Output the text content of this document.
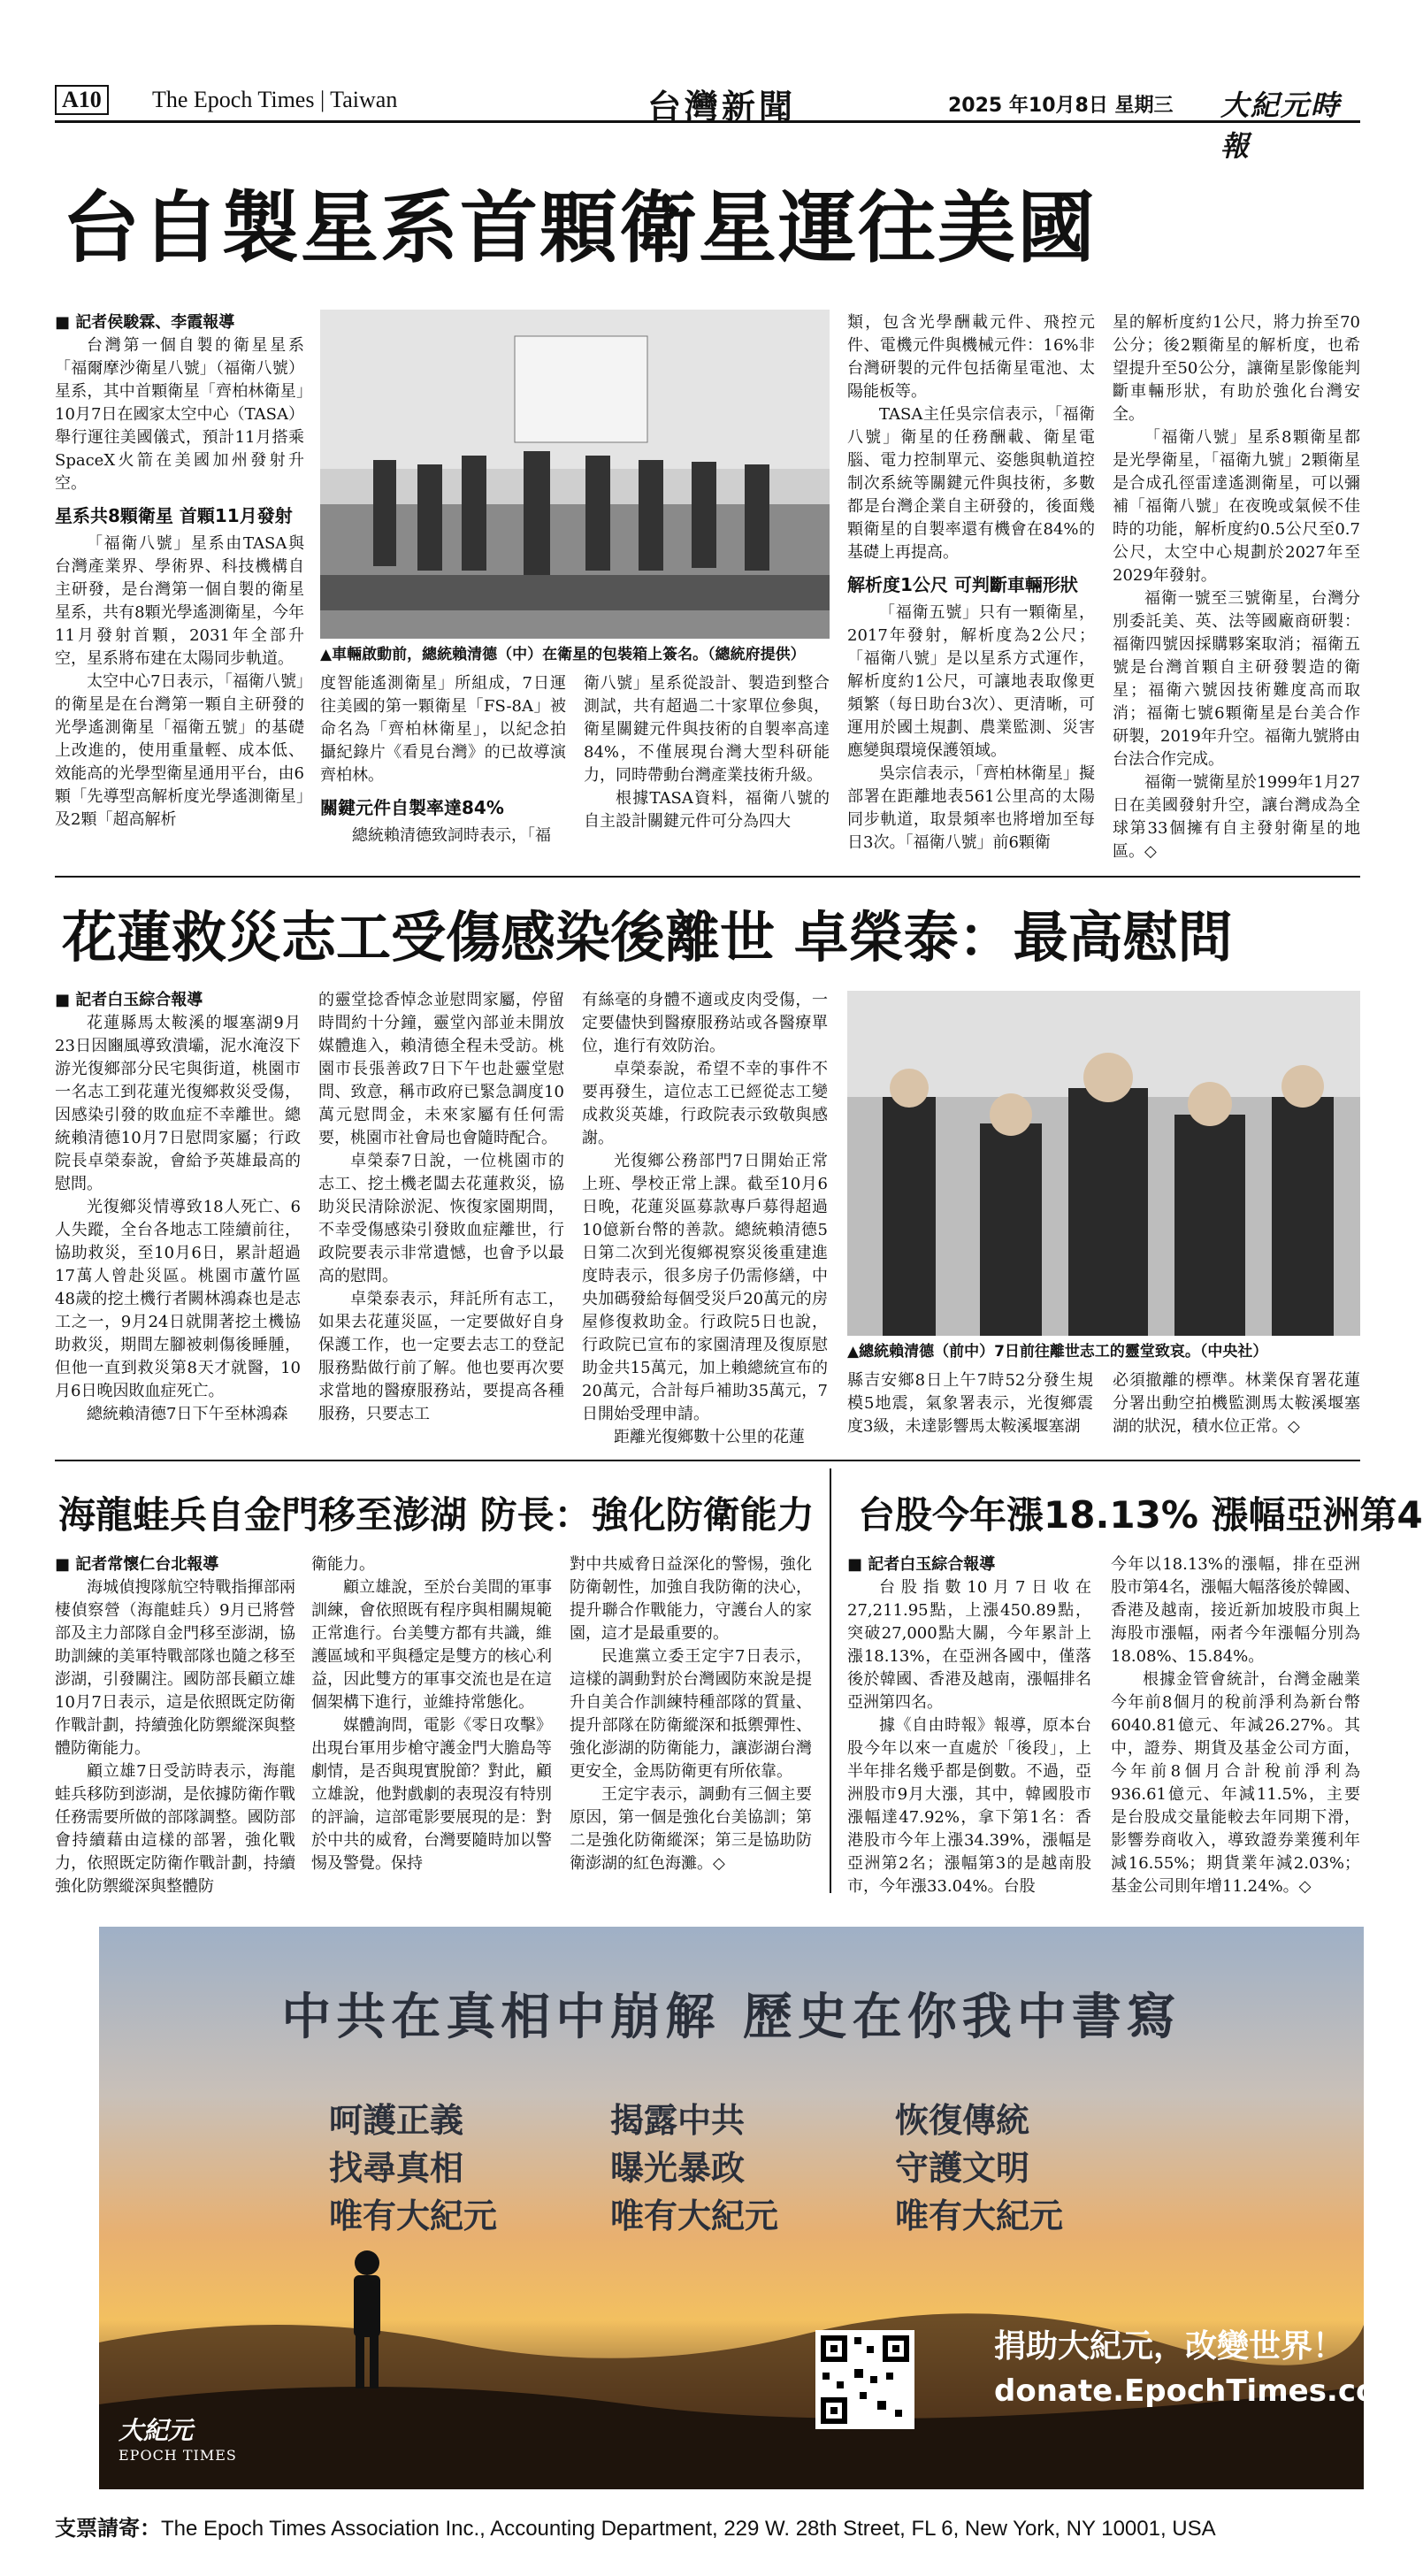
A10	The Epoch Times | Taiwan	台灣新聞	2025 年10月8日 星期三 大紀元時報
台自製星系首顆衛星運往美國

■ 記者侯駿霖、李霞報導

台灣第一個自製的衛星星系「福爾摩沙衛星八號」（福衛八號）星系，其中首顆衛星「齊柏林衛星」10月7日在國家太空中心（TASA）舉行運往美國儀式，預計11月搭乘SpaceX火箭在美國加州發射升空。

星系共8顆衛星 首顆11月發射

「福衛八號」星系由TASA與台灣產業界、學術界、科技機構自主研發，是台灣第一個自製的衛星星系，共有8顆光學遙測衛星，今年11月發射首顆，2031年全部升空，星系將布建在太陽同步軌道。

太空中心7日表示，「福衛八號」的衛星是在台灣第一顆自主研發的光學遙測衛星「福衛五號」的基礎上改進的，使用重量輕、成本低、效能高的光學型衛星通用平台，由6顆「先導型高解析度光學遙測衛星」及2顆「超高解析

▲車輛啟動前，總統賴清德（中）在衛星的包裝箱上簽名。（總統府提供）

度智能遙測衛星」所組成，7日運往美國的第一顆衛星「FS-8A」被命名為「齊柏林衛星」，以紀念拍攝紀錄片《看見台灣》的已故導演齊柏林。

關鍵元件自製率達84%

總統賴清德致詞時表示，「福

衛八號」星系從設計、製造到整合測試，共有超過二十家單位參與，衛星關鍵元件與技術的自製率高達84%，不僅展現台灣大型科研能力，同時帶動台灣產業技術升級。

根據TASA資料，福衛八號的自主設計關鍵元件可分為四大

類，包含光學酬載元件、飛控元件、電機元件與機械元件：16%非台灣研製的元件包括衛星電池、太陽能板等。

TASA主任吳宗信表示，「福衛八號」衛星的任務酬載、衛星電腦、電力控制單元、姿態與軌道控制次系統等關鍵元件與技術，多數都是台灣企業自主研發的，後面幾顆衛星的自製率還有機會在84%的基礎上再提高。

解析度1公尺 可判斷車輛形狀

「福衛五號」只有一顆衛星，2017年發射，解析度為2公尺；「福衛八號」是以星系方式運作，解析度約1公尺，可讓地表取像更頻繁（每日助台3次）、更清晰，可運用於國土規劃、農業監測、災害應變與環境保護領域。

吳宗信表示，「齊柏林衛星」擬部署在距離地表561公里高的太陽同步軌道，取景頻率也將增加至每日3次。「福衛八號」前6顆衛

星的解析度約1公尺，將力拚至70公分；後2顆衛星的解析度，也希望提升至50公分，讓衛星影像能判斷車輛形狀，有助於強化台灣安全。

「福衛八號」星系8顆衛星都是光學衛星，「福衛九號」2顆衛星是合成孔徑雷達遙測衛星，可以彌補「福衛八號」在夜晚或氣候不佳時的功能，解析度約0.5公尺至0.7公尺，太空中心規劃於2027年至2029年發射。

福衛一號至三號衛星，台灣分別委託美、英、法等國廠商研製：福衛四號因採購夥案取消；福衛五號是台灣首顆自主研發製造的衛星；福衛六號因技術難度高而取消；福衛七號6顆衛星是台美合作研製，2019年升空。福衛九號將由台法合作完成。

福衛一號衛星於1999年1月27日在美國發射升空，讓台灣成為全球第33個擁有自主發射衛星的地區。◇

花蓮救災志工受傷感染後離世 卓榮泰：最高慰問

■ 記者白玉綜合報導

花蓮縣馬太鞍溪的堰塞湖9月23日因豳風導致潰壩，泥水淹沒下游光復鄉部分民宅與街道，桃園市一名志工到花蓮光復鄉救災受傷，因感染引發的敗血症不幸離世。總統賴清德10月7日慰問家屬；行政院長卓榮泰說，會給予英雄最高的慰問。

光復鄉災情導致18人死亡、6人失蹤，全台各地志工陸續前往，協助救災，至10月6日，累計超過17萬人曾赴災區。桃園市蘆竹區48歲的挖土機行者闕林鴻森也是志工之一，9月24日就開著挖土機協助救災，期間左腳被刺傷後睡腫，但他一直到救災第8天才就醫，10月6日晚因敗血症死亡。

總統賴清德7日下午至林鴻森

的靈堂捻香悼念並慰問家屬，停留時間約十分鐘，靈堂內部並未開放媒體進入，賴清德全程未受訪。桃園市長張善政7日下午也赴靈堂慰問、致意，稱市政府已緊急調度10萬元慰問金，未來家屬有任何需要，桃園市社會局也會隨時配合。

卓榮泰7日說，一位桃園市的志工、挖土機老闆去花蓮救災，協助災民清除淤泥、恢復家園期間，不幸受傷感染引發敗血症離世，行政院要表示非常遺憾，也會予以最高的慰問。

卓榮泰表示，拜託所有志工，如果去花蓮災區，一定要做好自身保護工作，也一定要去志工的登記服務點做行前了解。他也要再次要求當地的醫療服務站，要提高各種服務，只要志工

有絲毫的身體不適或皮肉受傷，一定要儘快到醫療服務站或各醫療單位，進行有效防治。

卓榮泰說，希望不幸的事件不要再發生，這位志工已經從志工變成救災英雄，行政院表示致敬與感謝。

光復鄉公務部門7日開始正常上班、學校正常上課。截至10月6日晚，花蓮災區募款專戶募得超過10億新台幣的善款。總統賴清德5日第二次到光復鄉視察災後重建進度時表示，很多房子仍需修繕，中央加碼發給每個受災戶20萬元的房屋修復救助金。行政院5日也說，行政院已宣布的家園清理及復原慰助金共15萬元，加上賴總統宣布的20萬元，合計每戶補助35萬元，7日開始受理申請。

距離光復鄉數十公里的花蓮

▲總統賴清德（前中）7日前往離世志工的靈堂致哀。（中央社）

縣吉安鄉8日上午7時52分發生規模5地震，氣象署表示，光復鄉震度3級，未達影響馬太鞍溪堰塞湖

必須撤離的標準。林業保育署花蓮分署出動空拍機監測馬太鞍溪堰塞湖的狀況，積水位正常。◇

海龍蛙兵自金門移至澎湖 防長：強化防衛能力

■ 記者常懷仁台北報導

海城偵搜隊航空特戰指揮部兩棲偵察營（海龍蛙兵）9月已將營部及主力部隊自金門移至澎湖，協助訓練的美軍特戰部隊也隨之移至澎湖，引發關注。國防部長顧立雄10月7日表示，這是依照既定防衛作戰計劃，持續強化防禦縱深與整體防衛能力。

顧立雄7日受訪時表示，海龍蛙兵移防到澎湖，是依據防衛作戰任務需要所做的部隊調整。國防部會持續藉由這樣的部署，強化戰力，依照既定防衛作戰計劃，持續強化防禦縱深與整體防

衛能力。

顧立雄說，至於台美間的軍事訓練，會依照既有程序與相關規範正常進行。台美雙方都有共識，維護區域和平與穩定是雙方的核心利益，因此雙方的軍事交流也是在這個架構下進行，並維持常態化。

媒體詢問，電影《零日攻擊》出現台軍用步槍守護金門大膽島等劇情，是否與現實脫節？對此，顧立雄說，他對戲劇的表現沒有特別的評論，這部電影要展現的是：對於中共的威脅，台灣要隨時加以警惕及警覺。保持

對中共威脅日益深化的警惕，強化防衛韌性，加強自我防衛的決心，提升聯合作戰能力，守護台人的家園，這才是最重要的。

民進黨立委王定宇7日表示，這樣的調動對於台灣國防來說是提升自美合作訓練特種部隊的質量、提升部隊在防衛縱深和抵禦彈性、強化澎湖的防衛能力，讓澎湖台灣更安全，金馬防衛更有所依靠。

王定宇表示，調動有三個主要原因，第一個是強化台美協訓；第二是強化防衛縱深；第三是協助防衛澎湖的紅色海灘。◇

台股今年漲18.13% 漲幅亞洲第4

■ 記者白玉綜合報導

台股指數10月7日收在27,211.95點，上漲450.89點，突破27,000點大關，今年累計上漲18.13%，在亞洲各國中，僅落後於韓國、香港及越南，漲幅排名亞洲第四名。

據《自由時報》報導，原本台股今年以來一直處於「後段」，上半年排名幾乎都是倒數。不過，亞洲股市9月大漲，其中，韓國股市漲幅達47.92%，拿下第1名：香港股市今年上漲34.39%，漲幅是亞洲第2名；漲幅第3的是越南股市，今年漲33.04%。台股

今年以18.13%的漲幅，排在亞洲股市第4名，漲幅大幅落後於韓國、香港及越南，接近新加坡股市與上海股市漲幅，兩者今年漲幅分別為18.08%、15.84%。

根據金管會統計，台灣金融業今年前8個月的稅前淨利為新台幣6040.81億元、年減26.27%。其中，證券、期貨及基金公司方面，今年前8個月合計稅前淨利為936.61億元、年減11.5%，主要是台股成交量能較去年同期下滑，影響券商收入，導致證券業獲利年減16.55%；期貨業年減2.03%；基金公司則年增11.24%。◇

中共在真相中崩解 歷史在你我中書寫
呵護正義
找尋真相
唯有大紀元
揭露中共
曝光暴政
唯有大紀元
恢復傳統
守護文明
唯有大紀元
捐助大紀元，改變世界！
donate.EpochTimes.com
大紀元
EPOCH TIMES
支票請寄：The Epoch Times Association Inc., Accounting Department, 229 W. 28th Street, FL 6, New York, NY 10001, USA
